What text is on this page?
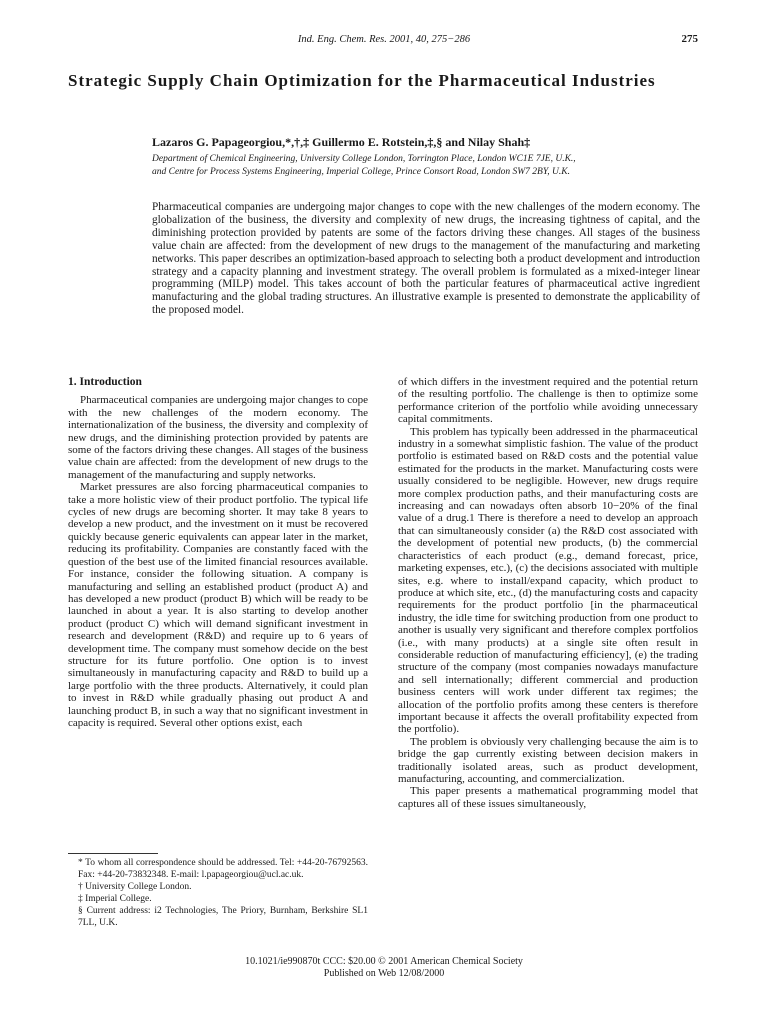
Ind. Eng. Chem. Res. 2001, 40, 275−286	275
Strategic Supply Chain Optimization for the Pharmaceutical Industries
Lazaros G. Papageorgiou,*,†,‡ Guillermo E. Rotstein,‡,§ and Nilay Shah‡
Department of Chemical Engineering, University College London, Torrington Place, London WC1E 7JE, U.K.,
and Centre for Process Systems Engineering, Imperial College, Prince Consort Road, London SW7 2BY, U.K.

Pharmaceutical companies are undergoing major changes to cope with the new challenges of the modern economy. The globalization of the business, the diversity and complexity of new drugs, the increasing tightness of capital, and the diminishing protection provided by patents are some of the factors driving these changes. All stages of the business value chain are affected: from the development of new drugs to the management of the manufacturing and marketing networks. This paper describes an optimization-based approach to selecting both a product development and introduction strategy and a capacity planning and investment strategy. The overall problem is formulated as a mixed-integer linear programming (MILP) model. This takes account of both the particular features of pharmaceutical active ingredient manufacturing and the global trading structures. An illustrative example is presented to demonstrate the applicability of the proposed model.

1. Introduction

Pharmaceutical companies are undergoing major changes to cope with the new challenges of the modern economy. The internationalization of the business, the diversity and complexity of new drugs, and the diminishing protection provided by patents are some of the factors driving these changes. All stages of the business value chain are affected: from the development of new drugs to the management of the manufacturing and supply networks.

Market pressures are also forcing pharmaceutical companies to take a more holistic view of their product portfolio. The typical life cycles of new drugs are becoming shorter. It may take 8 years to develop a new product, and the investment on it must be recovered quickly because generic equivalents can appear later in the market, reducing its profitability. Companies are constantly faced with the question of the best use of the limited financial resources available. For instance, consider the following situation. A company is manufacturing and selling an established product (product A) and has developed a new product (product B) which will be ready to be launched in about a year. It is also starting to develop another product (product C) which will demand significant investment in research and development (R&D) and require up to 6 years of development time. The company must somehow decide on the best structure for its future portfolio. One option is to invest simultaneously in manufacturing capacity and R&D to build up a large portfolio with the three products. Alternatively, it could plan to invest in R&D while gradually phasing out product A and launching product B, in such a way that no significant investment in capacity is required. Several other options exist, each

* To whom all correspondence should be addressed. Tel: +44-20-76792563. Fax: +44-20-73832348. E-mail: l.papageorgiou@ucl.ac.uk.
† University College London.
‡ Imperial College.
§ Current address: i2 Technologies, The Priory, Burnham, Berkshire SL1 7LL, U.K.

of which differs in the investment required and the potential return of the resulting portfolio. The challenge is then to optimize some performance criterion of the portfolio while avoiding unnecessary capital commitments.

This problem has typically been addressed in the pharmaceutical industry in a somewhat simplistic fashion. The value of the product portfolio is estimated based on R&D costs and the potential value estimated for the products in the market. Manufacturing costs were usually considered to be negligible. However, new drugs require more complex production paths, and their manufacturing costs are increasing and can nowadays often absorb 10−20% of the final value of a drug.1 There is therefore a need to develop an approach that can simultaneously consider (a) the R&D cost associated with the development of potential new products, (b) the commercial characteristics of each product (e.g., demand forecast, price, marketing expenses, etc.), (c) the decisions associated with multiple sites, e.g. where to install/expand capacity, which product to produce at which site, etc., (d) the manufacturing costs and capacity requirements for the product portfolio [in the pharmaceutical industry, the idle time for switching production from one product to another is usually very significant and therefore complex portfolios (i.e., with many products) at a single site often result in considerable reduction of manufacturing efficiency], (e) the trading structure of the company (most companies nowadays manufacture and sell internationally; different commercial and production business centers will work under different tax regimes; the allocation of the portfolio profits among these centers is therefore important because it affects the overall profitability expected from the portfolio).

The problem is obviously very challenging because the aim is to bridge the gap currently existing between decision makers in traditionally isolated areas, such as product development, manufacturing, accounting, and commercialization.

This paper presents a mathematical programming model that captures all of these issues simultaneously,

10.1021/ie990870t CCC: $20.00 © 2001 American Chemical Society
Published on Web 12/08/2000
